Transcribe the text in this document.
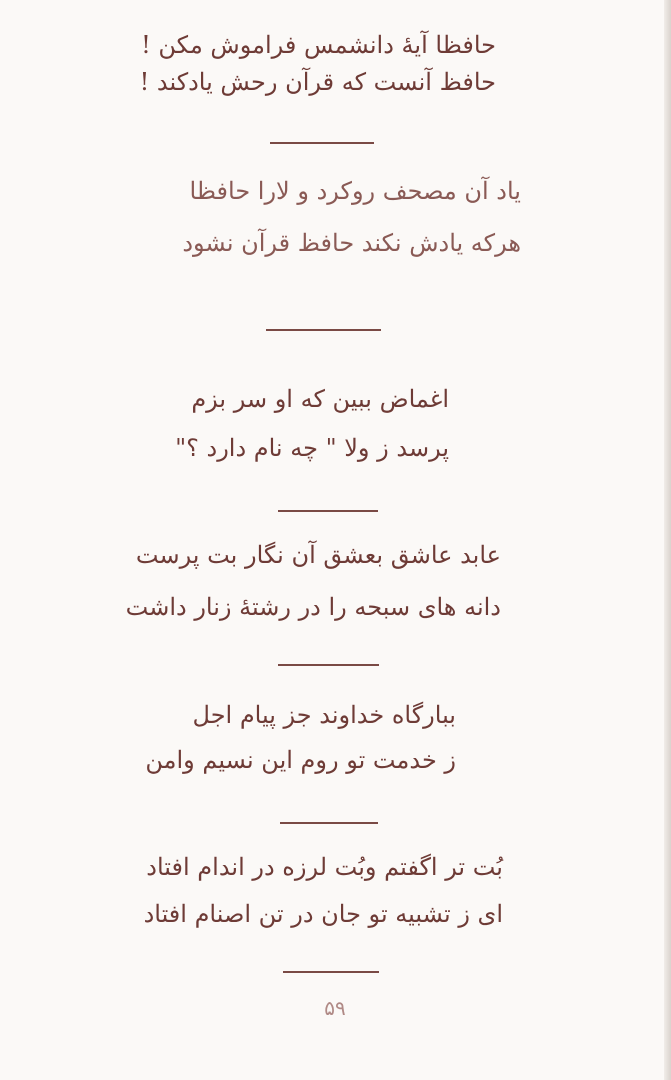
حافظا آیهٔ دانشمس فراموش مکن !
حافظ آنست که قرآن رحش یادکند !
یاد آن مصحف روکرد و لارا حافظا
هرکه یادش نکند حافظ قرآن نشود
اغماض ببین که او سر بزم
پرسد ز ولا " چه نام دارد ؟"
عابد عاشق بعشق آن نگار بت پرست
دانه های سبحه را در رشتهٔ زنار داشت
ببارگاه خداوند جز پیام اجل
ز خدمت تو روم این نسیم وامن
بُت تر اگفتم وبُت لرزه در اندام افتاد
ای ز تشبیه تو جان در تن اصنام افتاد
۵۹
